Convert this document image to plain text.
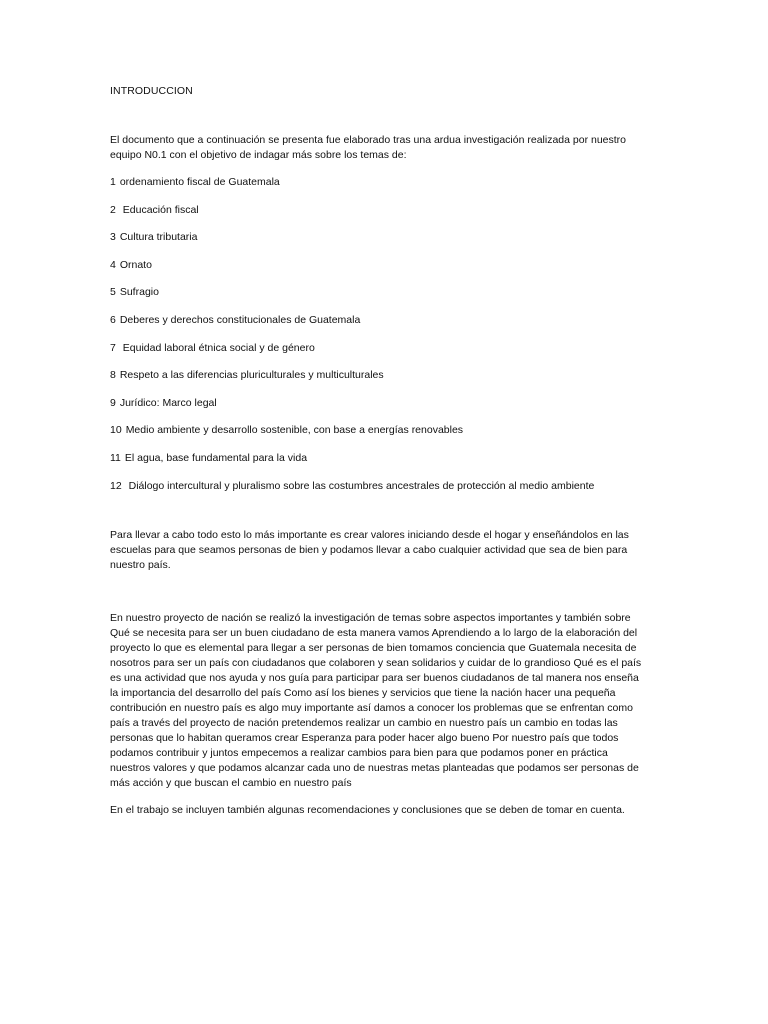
INTRODUCCION

El documento que a continuación se presenta fue elaborado tras una ardua investigación realizada por nuestro equipo N0.1 con el objetivo de indagar más sobre los temas de:

1 ordenamiento fiscal de Guatemala
2 Educación fiscal
3 Cultura tributaria
4 Ornato
5 Sufragio
6 Deberes y derechos constitucionales de Guatemala
7 Equidad laboral étnica social y de género
8 Respeto a las diferencias pluriculturales y multiculturales
9 Jurídico: Marco legal
10 Medio ambiente y desarrollo sostenible, con base a energías renovables
11 El agua, base fundamental para la vida
12 Diálogo intercultural y pluralismo sobre las costumbres ancestrales de protección al medio ambiente

Para llevar a cabo todo esto lo más importante es crear valores iniciando desde el hogar y enseñándolos en las escuelas para que seamos personas de bien y podamos llevar a cabo cualquier actividad que sea de bien para nuestro país.

En nuestro proyecto de nación se realizó la investigación de temas sobre aspectos importantes y también sobre Qué se necesita para ser un buen ciudadano de esta manera vamos Aprendiendo a lo largo de la elaboración del proyecto lo que es elemental para llegar a ser personas de bien tomamos conciencia que Guatemala necesita de nosotros para ser un país con ciudadanos que colaboren y sean solidarios y cuidar de lo grandioso Qué es el país es una actividad que nos ayuda y nos guía para participar para ser buenos ciudadanos de tal manera nos enseña la importancia del desarrollo del país Como así los bienes y servicios que tiene la nación hacer una pequeña contribución en nuestro país es algo muy importante así damos a conocer los problemas que se enfrentan como país a través del proyecto de nación pretendemos realizar un cambio en nuestro país un cambio en todas las personas que lo habitan queramos crear Esperanza para poder hacer algo bueno Por nuestro país que todos podamos contribuir y juntos empecemos a realizar cambios para bien para que podamos poner en práctica nuestros valores y que podamos alcanzar cada uno de nuestras metas planteadas que podamos ser personas de más acción y que buscan el cambio en nuestro país

En el trabajo se incluyen también algunas recomendaciones y conclusiones que se deben de tomar en cuenta.
